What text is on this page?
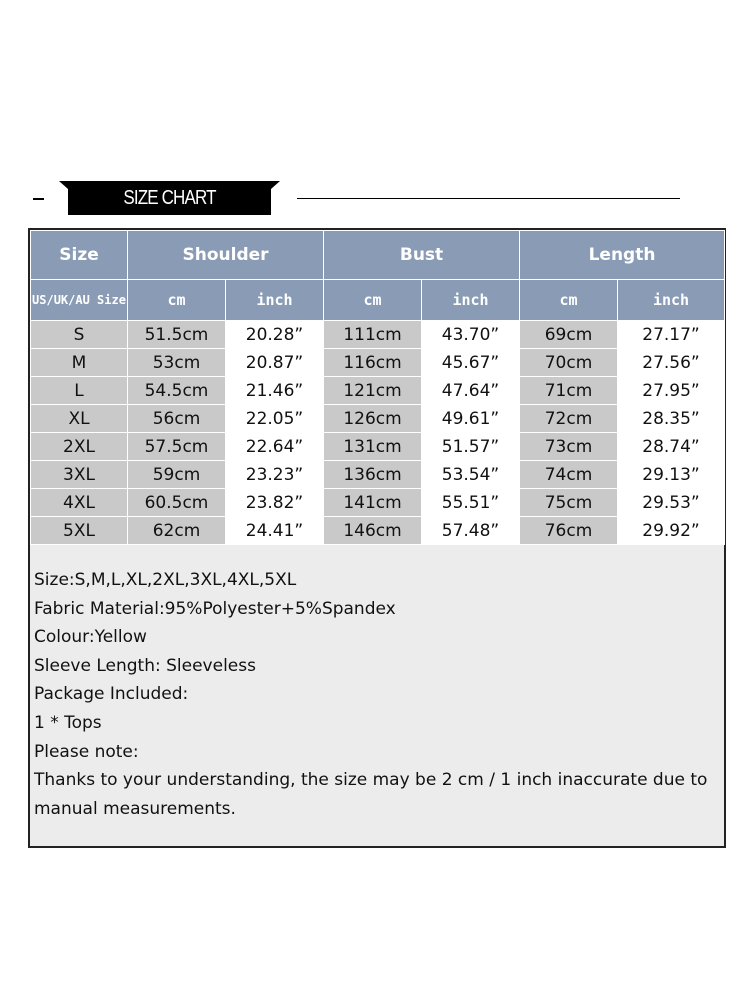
SIZE CHART
Size	Shoulder		Bust		Length	
US/UK/AU Size	cm	inch	cm	inch	cm	inch
S	51.5cm	20.28”	111cm	43.70”	69cm	27.17”
M	53cm	20.87”	116cm	45.67”	70cm	27.56”
L	54.5cm	21.46”	121cm	47.64”	71cm	27.95”
XL	56cm	22.05”	126cm	49.61”	72cm	28.35”
2XL	57.5cm	22.64”	131cm	51.57”	73cm	28.74”
3XL	59cm	23.23”	136cm	53.54”	74cm	29.13”
4XL	60.5cm	23.82”	141cm	55.51”	75cm	29.53”
5XL	62cm	24.41”	146cm	57.48”	76cm	29.92”
Size:S,M,L,XL,2XL,3XL,4XL,5XL
Fabric Material:95%Polyester+5%Spandex
Colour:Yellow
Sleeve Length: Sleeveless
Package Included:
1 * Tops
Please note:
Thanks to your understanding, the size may be 2 cm / 1 inch inaccurate due to manual measurements.
